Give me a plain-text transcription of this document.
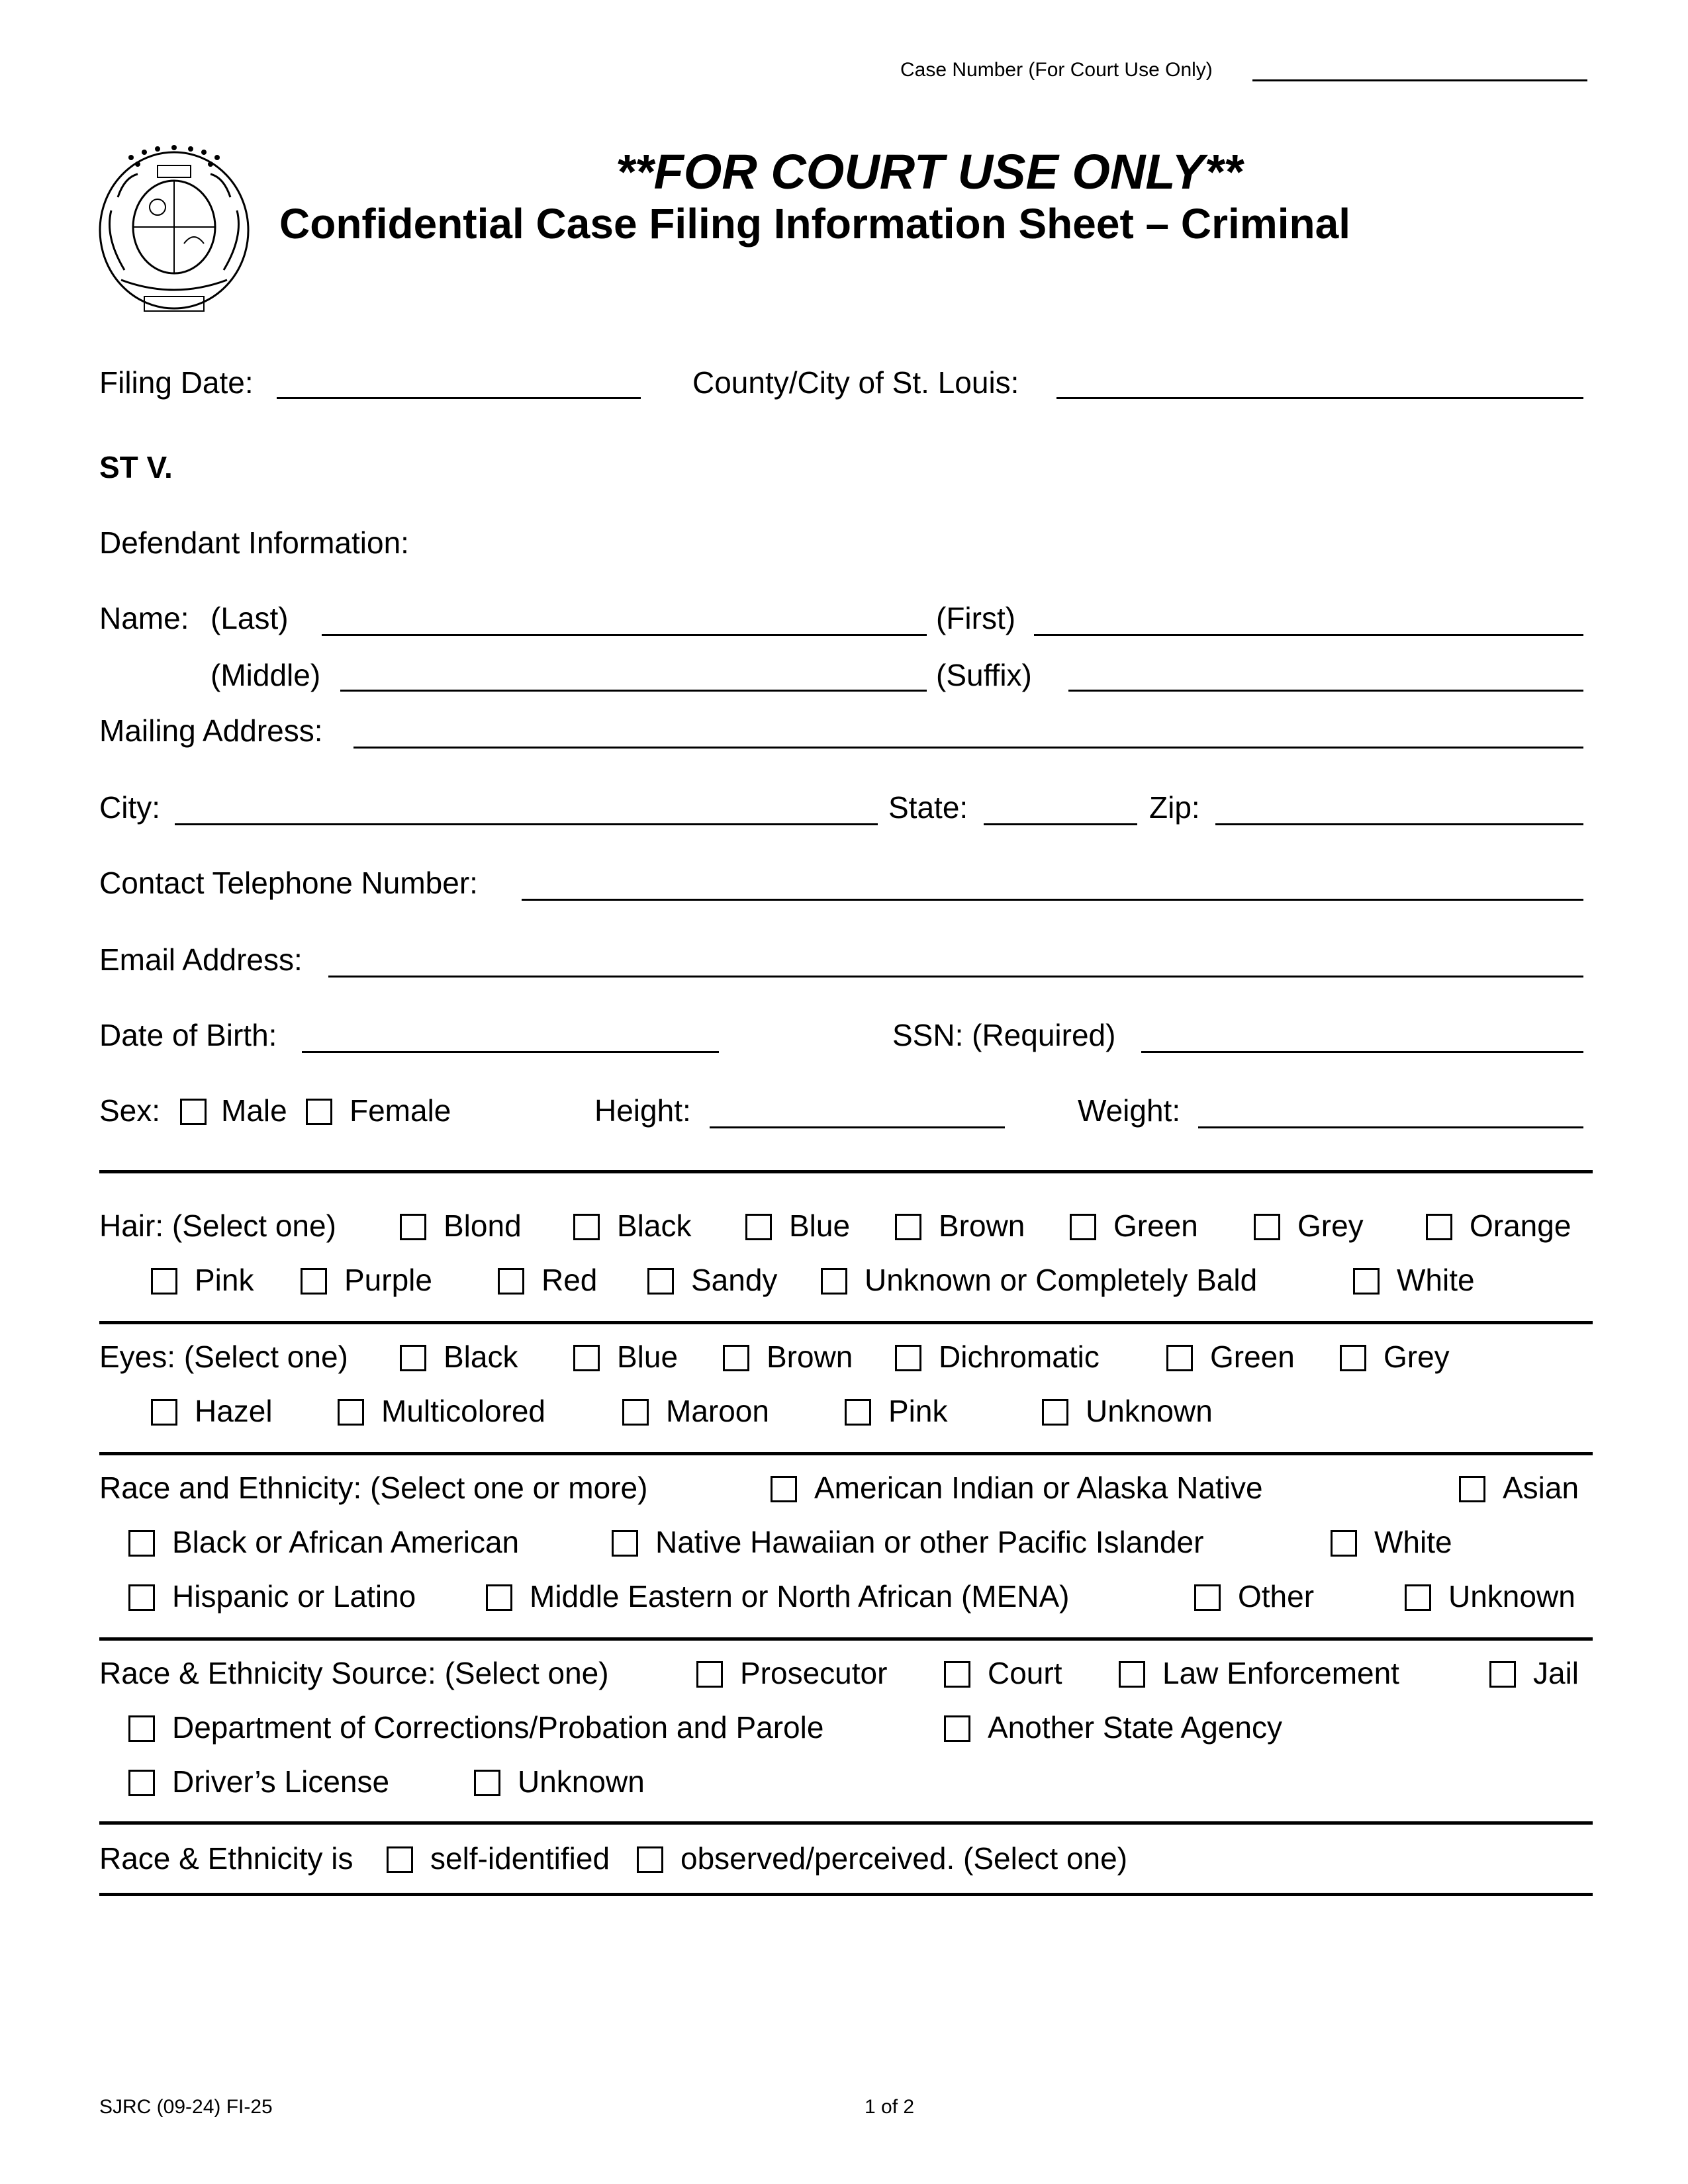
Case Number (For Court Use Only)
**FOR COURT USE ONLY**
Confidential Case Filing Information Sheet – Criminal
Filing Date:	County/City of St. Louis:
ST V.
Defendant Information:
Name: (Last)	(First)
(Middle)	(Suffix)
Mailing Address:
City:	State:	Zip:
Contact Telephone Number:
Email Address:
Date of Birth:	SSN: (Required)
Sex: Male Female	Height:	Weight:
Hair: (Select one)	Blond	Black	Blue	Brown	Green	Grey	Orange
Pink	Purple	Red	Sandy	Unknown or Completely Bald	White
Eyes: (Select one)	Black	Blue	Brown	Dichromatic	Green	Grey
Hazel	Multicolored	Maroon	Pink	Unknown
Race and Ethnicity: (Select one or more)	American Indian or Alaska Native	Asian
Black or African American	Native Hawaiian or other Pacific Islander	White
Hispanic or Latino	Middle Eastern or North African (MENA)	Other	Unknown
Race & Ethnicity Source: (Select one)	Prosecutor	Court	Law Enforcement	Jail
Department of Corrections/Probation and Parole	Another State Agency
Driver’s License	Unknown
Race & Ethnicity is	self-identified observed/perceived. (Select one)
SJRC (09-24) FI-25	1 of 2
